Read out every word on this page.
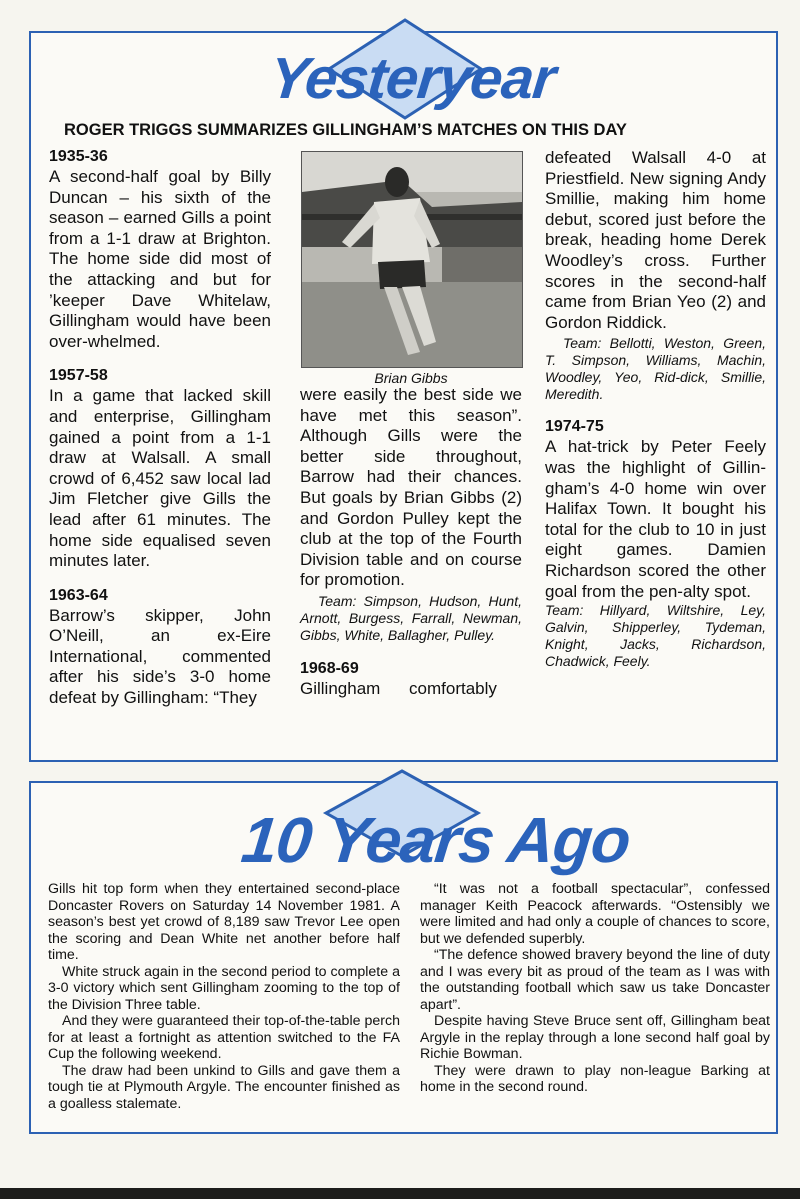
Yesteryear
ROGER TRIGGS SUMMARIZES GILLINGHAM’S MATCHES ON THIS DAY

1935-36

A second-half goal by Billy Duncan – his sixth of the season – earned Gills a point from a 1-1 draw at Brighton. The home side did most of the attacking and but for ’keeper Dave Whitelaw, Gillingham would have been over-whelmed.

1957-58

In a game that lacked skill and enterprise, Gillingham gained a point from a 1-1 draw at Walsall. A small crowd of 6,452 saw local lad Jim Fletcher give Gills the lead after 61 minutes. The home side equalised seven minutes later.

1963-64

Barrow’s skipper, John O’Neill, an ex-Eire International, commented after his side’s 3-0 home defeat by Gillingham: “They

Brian Gibbs

were easily the best side we have met this season”. Although Gills were the better side throughout, Barrow had their chances. But goals by Brian Gibbs (2) and Gordon Pulley kept the club at the top of the Fourth Division table and on course for promotion.

Team: Simpson, Hudson, Hunt, Arnott, Burgess, Farrall, Newman, Gibbs, White, Ballagher, Pulley.

1968-69

Gillingham comfortably

defeated Walsall 4-0 at Priestfield. New signing Andy Smillie, making him home debut, scored just before the break, heading home Derek Woodley’s cross. Further scores in the second-half came from Brian Yeo (2) and Gordon Riddick.

Team: Bellotti, Weston, Green, T. Simpson, Williams, Machin, Woodley, Yeo, Rid-dick, Smillie, Meredith.

1974-75

A hat-trick by Peter Feely was the highlight of Gillin-gham’s 4-0 home win over Halifax Town. It bought his total for the club to 10 in just eight games. Damien Richardson scored the other goal from the pen-alty spot.

Team: Hillyard, Wiltshire, Ley, Galvin, Shipperley, Tydeman, Knight, Jacks, Richardson, Chadwick, Feely.

10 Years Ago

Gills hit top form when they entertained second-place Doncaster Rovers on Saturday 14 November 1981. A season’s best yet crowd of 8,189 saw Trevor Lee open the scoring and Dean White net another before half time.

White struck again in the second period to complete a 3-0 victory which sent Gillingham zooming to the top of the Division Three table.

And they were guaranteed their top-of-the-table perch for at least a fortnight as attention switched to the FA Cup the following weekend.

The draw had been unkind to Gills and gave them a tough tie at Plymouth Argyle. The encounter finished as a goalless stalemate.

“It was not a football spectacular”, confessed manager Keith Peacock afterwards. “Ostensibly we were limited and had only a couple of chances to score, but we defended superbly.

“The defence showed bravery beyond the line of duty and I was every bit as proud of the team as I was with the outstanding football which saw us take Doncaster apart”.

Despite having Steve Bruce sent off, Gillingham beat Argyle in the replay through a lone second half goal by Richie Bowman.

They were drawn to play non-league Barking at home in the second round.
